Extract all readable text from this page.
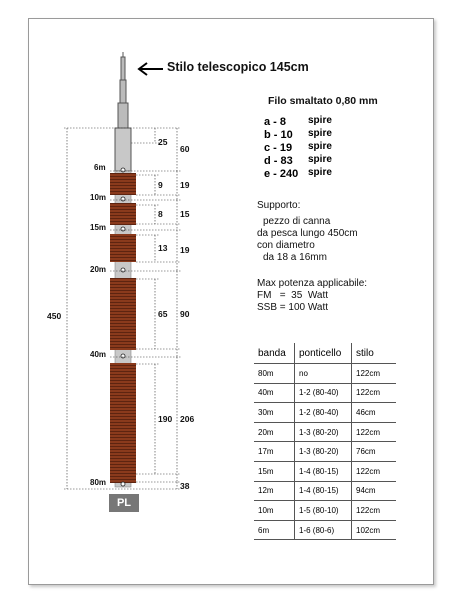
Stilo telescopico 145cm
Filo smaltato 0,80 mm
a - 8 spire
b - 10 spire
c - 19 spire
d - 83 spire
e - 240 spire
Supporto:
pezzo di canna
da pesca lungo 450cm
con diametro
da 18 a 16mm
Max potenza applicabile:
FM   =  35  Watt
SSB = 100 Watt
banda	ponticello	stilo
80m	no	122cm
40m	1-2 (80-40)	122cm
30m	1-2 (80-40)	46cm
20m	1-3 (80-20)	122cm
17m	1-3 (80-20)	76cm
15m	1-4 (80-15)	122cm
12m	1-4 (80-15)	94cm
10m	1-5 (80-10)	122cm
6m	1-6 (80-6)	102cm
6m
10m
15m
20m
40m
80m
a
b
c
d
e
450
25
60
9 19
8 15
13 19
65 90
190 206
38
PL
